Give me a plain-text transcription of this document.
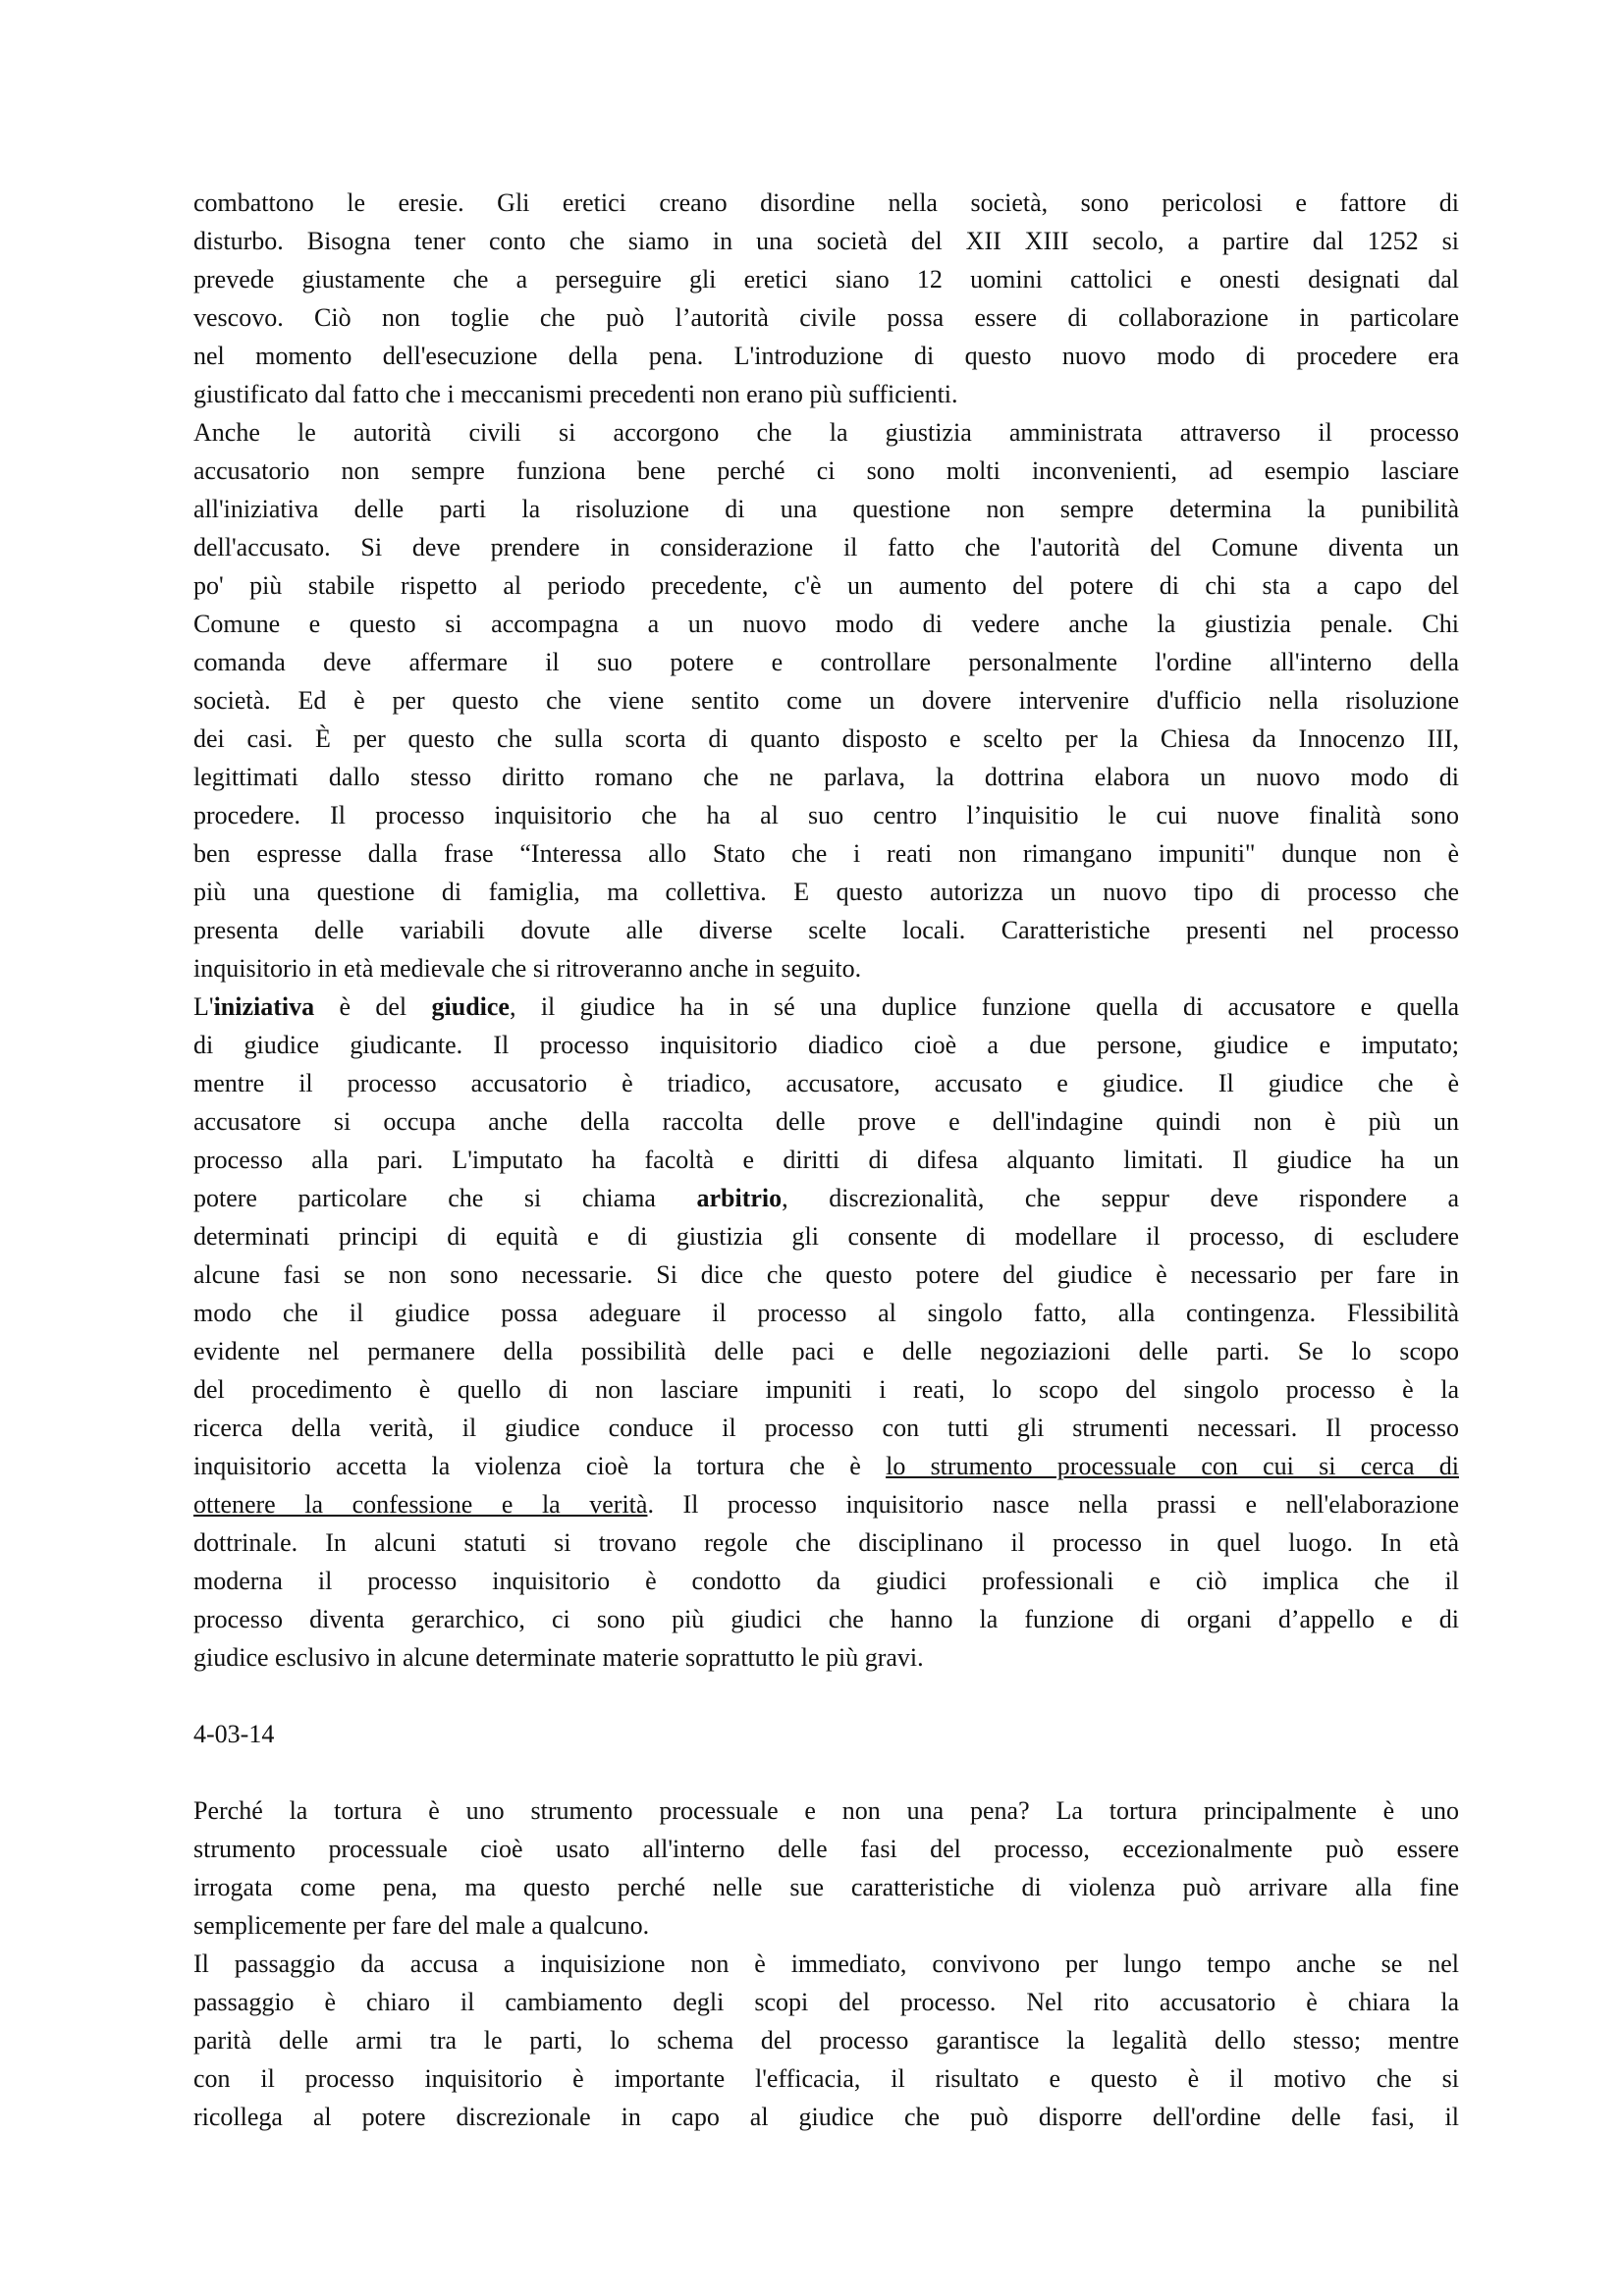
combattono le eresie. Gli eretici creano disordine nella società, sono pericolosi e fattore di
disturbo. Bisogna tener conto che siamo in una società del XII XIII secolo, a partire dal 1252 si
prevede giustamente che a perseguire gli eretici siano 12 uomini cattolici e onesti designati dal
vescovo. Ciò non toglie che può l’autorità civile possa essere di collaborazione in particolare
nel momento dell'esecuzione della pena. L'introduzione di questo nuovo modo di procedere era
giustificato dal fatto che i meccanismi precedenti non erano più sufficienti.
Anche le autorità civili si accorgono che la giustizia amministrata attraverso il processo
accusatorio non sempre funziona bene perché ci sono molti inconvenienti, ad esempio lasciare
all'iniziativa delle parti la risoluzione di una questione non sempre determina la punibilità
dell'accusato. Si deve prendere in considerazione il fatto che l'autorità del Comune diventa un
po' più stabile rispetto al periodo precedente, c'è un aumento del potere di chi sta a capo del
Comune e questo si accompagna a un nuovo modo di vedere anche la giustizia penale. Chi
comanda deve affermare il suo potere e controllare personalmente l'ordine all'interno della
società. Ed è per questo che viene sentito come un dovere intervenire d'ufficio nella risoluzione
dei casi. È per questo che sulla scorta di quanto disposto e scelto per la Chiesa da Innocenzo III,
legittimati dallo stesso diritto romano che ne parlava, la dottrina elabora un nuovo modo di
procedere. Il processo inquisitorio che ha al suo centro l’inquisitio le cui nuove finalità sono
ben espresse dalla frase “Interessa allo Stato che i reati non rimangano impuniti" dunque non è
più una questione di famiglia, ma collettiva. E questo autorizza un nuovo tipo di processo che
presenta delle variabili dovute alle diverse scelte locali. Caratteristiche presenti nel processo
inquisitorio in età medievale che si ritroveranno anche in seguito.
L'iniziativa è del giudice, il giudice ha in sé una duplice funzione quella di accusatore e quella
di giudice giudicante. Il processo inquisitorio diadico cioè a due persone, giudice e imputato;
mentre il processo accusatorio è triadico, accusatore, accusato e giudice. Il giudice che è
accusatore si occupa anche della raccolta delle prove e dell'indagine quindi non è più un
processo alla pari. L'imputato ha facoltà e diritti di difesa alquanto limitati. Il giudice ha un
potere particolare che si chiama arbitrio, discrezionalità, che seppur deve rispondere a
determinati principi di equità e di giustizia gli consente di modellare il processo, di escludere
alcune fasi se non sono necessarie. Si dice che questo potere del giudice è necessario per fare in
modo che il giudice possa adeguare il processo al singolo fatto, alla contingenza. Flessibilità
evidente nel permanere della possibilità delle paci e delle negoziazioni delle parti. Se lo scopo
del procedimento è quello di non lasciare impuniti i reati, lo scopo del singolo processo è la
ricerca della verità, il giudice conduce il processo con tutti gli strumenti necessari. Il processo
inquisitorio accetta la violenza cioè la tortura che è lo strumento processuale con cui si cerca di
ottenere la confessione e la verità. Il processo inquisitorio nasce nella prassi e nell'elaborazione
dottrinale. In alcuni statuti si trovano regole che disciplinano il processo in quel luogo. In età
moderna il processo inquisitorio è condotto da giudici professionali e ciò implica che il
processo diventa gerarchico, ci sono più giudici che hanno la funzione di organi d’appello e di
giudice esclusivo in alcune determinate materie soprattutto le più gravi.
4-03-14
Perché la tortura è uno strumento processuale e non una pena? La tortura principalmente è uno
strumento processuale cioè usato all'interno delle fasi del processo, eccezionalmente può essere
irrogata come pena, ma questo perché nelle sue caratteristiche di violenza può arrivare alla fine
semplicemente per fare del male a qualcuno.
Il passaggio da accusa a inquisizione non è immediato, convivono per lungo tempo anche se nel
passaggio è chiaro il cambiamento degli scopi del processo. Nel rito accusatorio è chiara la
parità delle armi tra le parti, lo schema del processo garantisce la legalità dello stesso; mentre
con il processo inquisitorio è importante l'efficacia, il risultato e questo è il motivo che si
ricollega al potere discrezionale in capo al giudice che può disporre dell'ordine delle fasi, il
